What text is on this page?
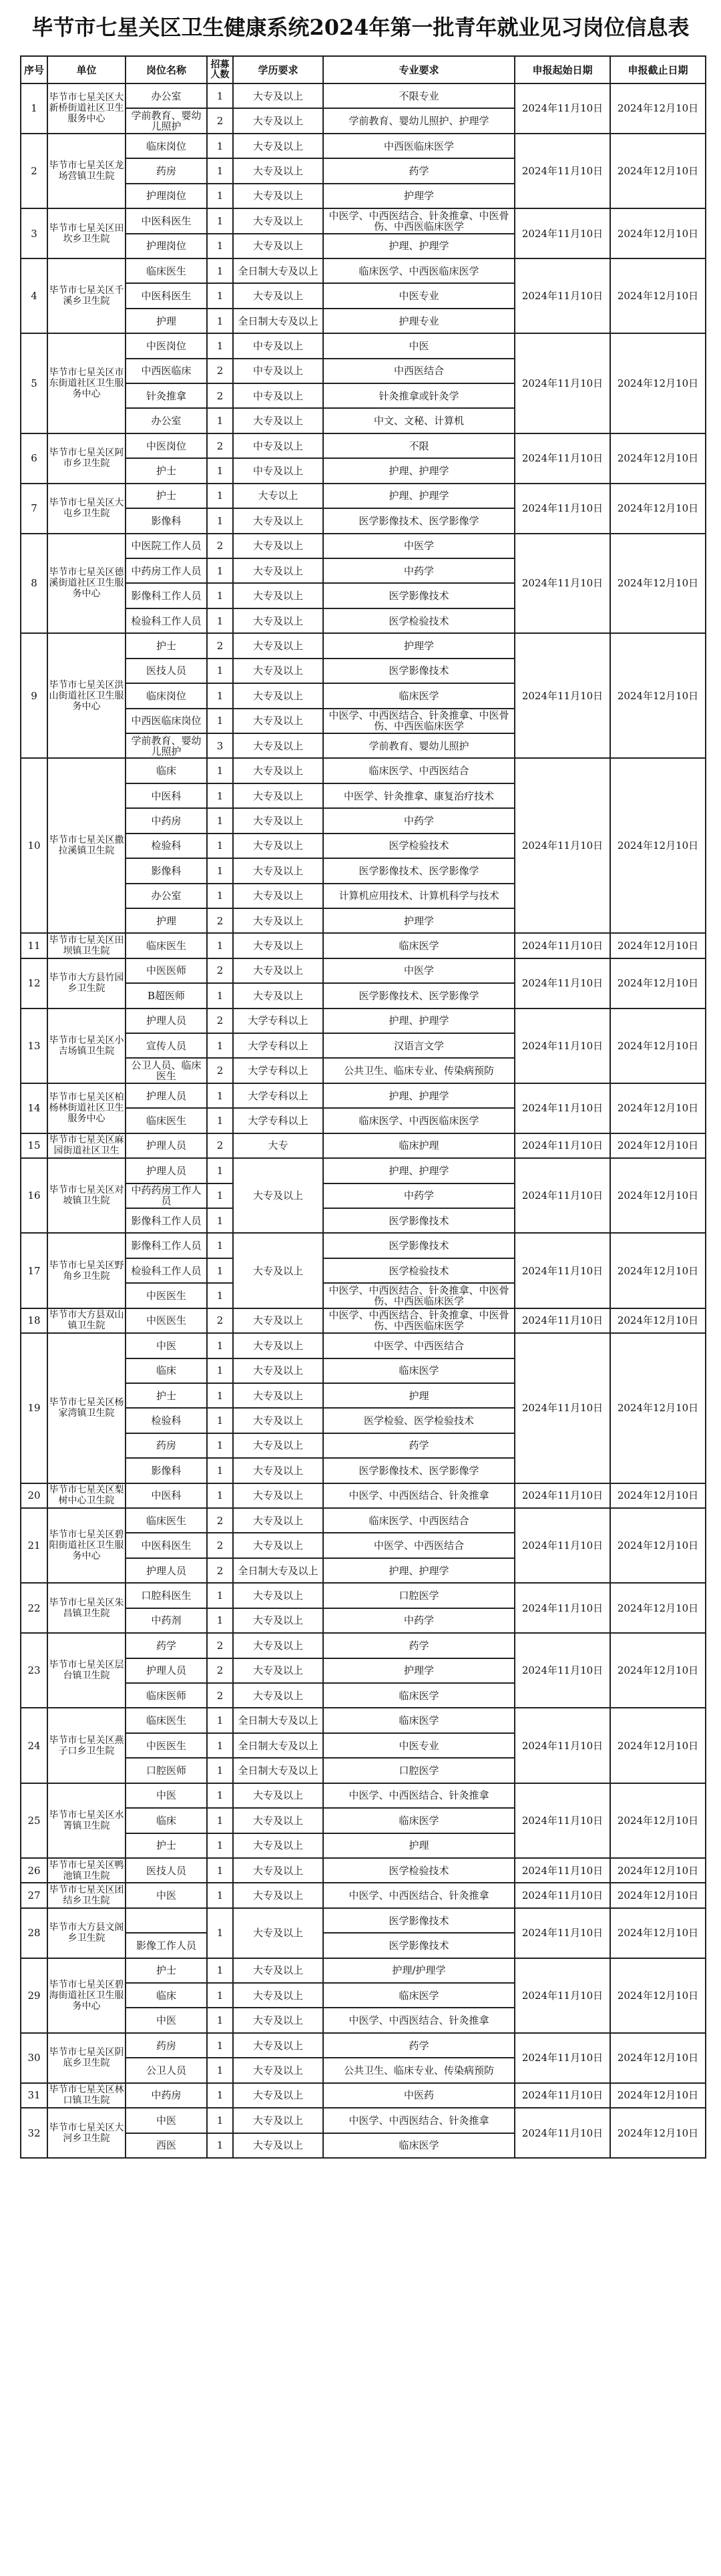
毕节市七星关区卫生健康系统2024年第一批青年就业见习岗位信息表
序号	单位	岗位名称	招募人数	学历要求	专业要求	申报起始日期	申报截止日期
1	毕节市七星关区大新桥街道社区卫生服务中心	办公室	1	大专及以上	不限专业	2024年11月10日	2024年12月10日
		学前教育、婴幼儿照护	2	大专及以上	学前教育、婴幼儿照护、护理学		
2	毕节市七星关区龙场营镇卫生院	临床岗位	1	大专及以上	中西医临床医学	2024年11月10日	2024年12月10日
		药房	1	大专及以上	药学		
		护理岗位	1	大专及以上	护理学		
3	毕节市七星关区田坎乡卫生院	中医科医生	1	大专及以上	中医学、中西医结合、针灸推拿、中医骨伤、中西医临床医学	2024年11月10日	2024年12月10日
		护理岗位	1	大专及以上	护理、护理学		
4	毕节市七星关区千溪乡卫生院	临床医生	1	全日制大专及以上	临床医学、中西医临床医学	2024年11月10日	2024年12月10日
		中医科医生	1	大专及以上	中医专业		
		护理	1	全日制大专及以上	护理专业		
5	毕节市七星关区市东街道社区卫生服务中心	中医岗位	1	中专及以上	中医	2024年11月10日	2024年12月10日
		中西医临床	2	中专及以上	中西医结合		
		针灸推拿	2	中专及以上	针灸推拿或针灸学		
		办公室	1	大专及以上	中文、文秘、计算机		
6	毕节市七星关区阿市乡卫生院	中医岗位	2	中专及以上	不限	2024年11月10日	2024年12月10日
		护士	1	中专及以上	护理、护理学		
7	毕节市七星关区大屯乡卫生院	护士	1	大专以上	护理、护理学	2024年11月10日	2024年12月10日
		影像科	1	大专及以上	医学影像技术、医学影像学		
8	毕节市七星关区德溪街道社区卫生服务中心	中医院工作人员	2	大专及以上	中医学	2024年11月10日	2024年12月10日
		中药房工作人员	1	大专及以上	中药学		
		影像科工作人员	1	大专及以上	医学影像技术		
		检验科工作人员	1	大专及以上	医学检验技术		
9	毕节市七星关区洪山街道社区卫生服务中心	护士	2	大专及以上	护理学	2024年11月10日	2024年12月10日
		医技人员	1	大专及以上	医学影像技术		
		临床岗位	1	大专及以上	临床医学		
		中西医临床岗位	1	大专及以上	中医学、中西医结合、针灸推拿、中医骨伤、中西医临床医学		
		学前教育、婴幼儿照护	3	大专及以上	学前教育、婴幼儿照护		
10	毕节市七星关区撒拉溪镇卫生院	临床	1	大专及以上	临床医学、中西医结合	2024年11月10日	2024年12月10日
		中医科	1	大专及以上	中医学、针灸推拿、康复治疗技术		
		中药房	1	大专及以上	中药学		
		检验科	1	大专及以上	医学检验技术		
		影像科	1	大专及以上	医学影像技术、医学影像学		
		办公室	1	大专及以上	计算机应用技术、计算机科学与技术		
		护理	2	大专及以上	护理学		
11	毕节市七星关区田坝镇卫生院	临床医生	1	大专及以上	临床医学	2024年11月10日	2024年12月10日
12	毕节市大方县竹园乡卫生院	中医医师	2	大专及以上	中医学	2024年11月10日	2024年12月10日
		B超医师	1	大专及以上	医学影像技术、医学影像学		
13	毕节市七星关区小吉场镇卫生院	护理人员	2	大学专科以上	护理、护理学	2024年11月10日	2024年12月10日
		宣传人员	1	大学专科以上	汉语言文学		
		公卫人员、临床医生	2	大学专科以上	公共卫生、临床专业、传染病预防		
14	毕节市七星关区柏杨林街道社区卫生服务中心	护理人员	1	大学专科以上	护理、护理学	2024年11月10日	2024年12月10日
		临床医生	1	大学专科以上	临床医学、中西医临床医学		
15	毕节市七星关区麻园街道社区卫生	护理人员	2	大专	临床护理	2024年11月10日	2024年12月10日
16	毕节市七星关区对坡镇卫生院	护理人员	1	大专及以上	护理、护理学	2024年11月10日	2024年12月10日
		中药药房工作人员	1		中药学		
		影像科工作人员	1		医学影像技术		
17	毕节市七星关区野角乡卫生院	影像科工作人员	1	大专及以上	医学影像技术	2024年11月10日	2024年12月10日
		检验科工作人员	1		医学检验技术		
		中医医生	1		中医学、中西医结合、针灸推拿、中医骨伤、中西医临床医学		
18	毕节市大方县双山镇卫生院	中医医生	2	大专及以上	中医学、中西医结合、针灸推拿、中医骨伤、中西医临床医学	2024年11月10日	2024年12月10日
19	毕节市七星关区杨家湾镇卫生院	中医	1	大专及以上	中医学、中西医结合	2024年11月10日	2024年12月10日
		临床	1	大专及以上	临床医学		
		护士	1	大专及以上	护理		
		检验科	1	大专及以上	医学检验、医学检验技术		
		药房	1	大专及以上	药学		
		影像科	1	大专及以上	医学影像技术、医学影像学		
20	毕节市七星关区梨树中心卫生院	中医科	1	大专及以上	中医学、中西医结合、针灸推拿	2024年11月10日	2024年12月10日
21	毕节市七星关区碧阳街道社区卫生服务中心	临床医生	2	大专及以上	临床医学、中西医结合	2024年11月10日	2024年12月10日
		中医科医生	2	大专及以上	中医学、中西医结合		
		护理人员	2	全日制大专及以上	护理、护理学		
22	毕节市七星关区朱昌镇卫生院	口腔科医生	1	大专及以上	口腔医学	2024年11月10日	2024年12月10日
		中药剂	1	大专及以上	中药学		
23	毕节市七星关区层台镇卫生院	药学	2	大专及以上	药学	2024年11月10日	2024年12月10日
		护理人员	2	大专及以上	护理学		
		临床医师	2	大专及以上	临床医学		
24	毕节市七星关区燕子口乡卫生院	临床医生	1	全日制大专及以上	临床医学	2024年11月10日	2024年12月10日
		中医医生	1	全日制大专及以上	中医专业		
		口腔医师	1	全日制大专及以上	口腔医学		
25	毕节市七星关区水箐镇卫生院	中医	1	大专及以上	中医学、中西医结合、针灸推拿	2024年11月10日	2024年12月10日
		临床	1	大专及以上	临床医学		
		护士	1	大专及以上	护理		
26	毕节市七星关区鸭池镇卫生院	医技人员	1	大专及以上	医学检验技术	2024年11月10日	2024年12月10日
27	毕节市七星关区团结乡卫生院	中医	1	大专及以上	中医学、中西医结合、针灸推拿	2024年11月10日	2024年12月10日
28	毕节市大方县文阁乡卫生院		1	大专及以上	医学影像技术	2024年11月10日	2024年12月10日
		影像工作人员			医学影像技术		
29	毕节市七星关区碧海街道社区卫生服务中心	护士	1	大专及以上	护理/护理学	2024年11月10日	2024年12月10日
		临床	1	大专及以上	临床医学		
		中医	1	大专及以上	中医学、中西医结合、针灸推拿		
30	毕节市七星关区阴底乡卫生院	药房	1	大专及以上	药学	2024年11月10日	2024年12月10日
		公卫人员	1	大专及以上	公共卫生、临床专业、传染病预防		
31	毕节市七星关区林口镇卫生院	中药房	1	大专及以上	中医药	2024年11月10日	2024年12月10日
32	毕节市七星关区大河乡卫生院	中医	1	大专及以上	中医学、中西医结合、针灸推拿	2024年11月10日	2024年12月10日
		西医	1	大专及以上	临床医学		
